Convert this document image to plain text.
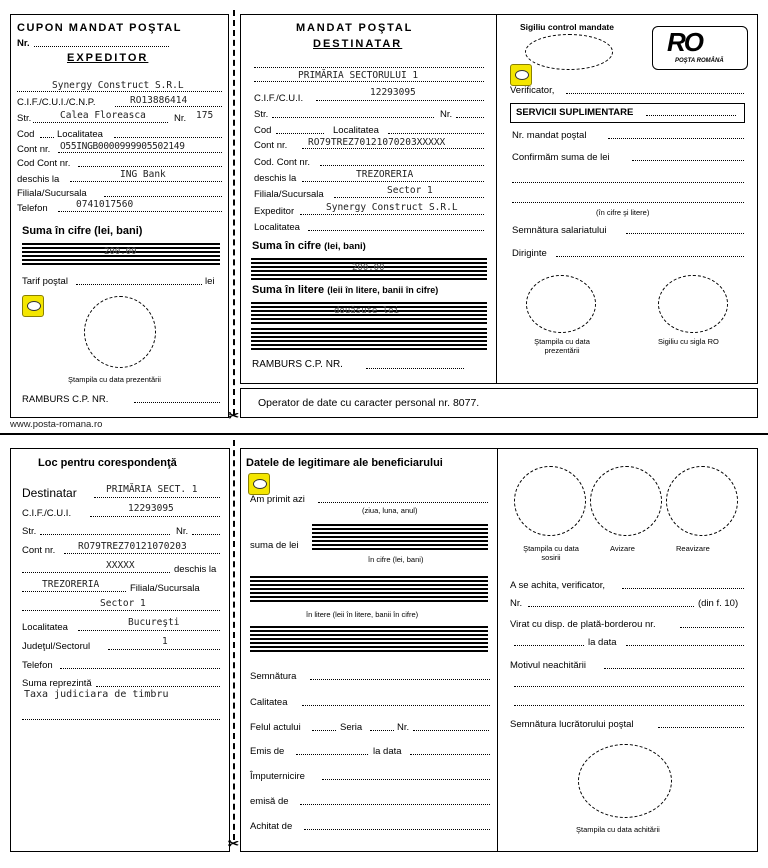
✂
CUPON MANDAT POŞTAL
Nr.
EXPEDITOR
Synergy Construct S.R.L
C.I.F./C.U.I./C.N.P.	RO13886414
Str.	Calea Floreasca	Nr. 175
Cod Localitatea
Cont nr. O55INGB0000999905502149
Cod Cont nr.
deschis la	ING Bank
Filiala/Sucursala
Telefon	0741017560
Suma în cifre (lei, bani)
200.00
Tarif poştal	lei
Ştampila cu data prezentării
RAMBURS C.P. NR.
www.posta-romana.ro
MANDAT POŞTAL
DESTINATAR
PRIMĂRIA SECTORULUI 1
C.I.F./C.U.I.
12293095
Str.	Nr.
Cod	Localitatea
Cont nr. RO79TREZ70121070203XXXXX
Cod. Cont nr.
deschis la	TREZORERIA
Filiala/Sucursala	Sector 1
Expeditor	Synergy Construct S.R.L
Localitatea
Suma în cifre (lei, bani)
200.00
Suma în litere (leii în litere, banii în cifre)
douăsute lei
RAMBURS C.P. NR.
Sigiliu control mandate RO
POŞTA ROMÂNĂ
Verificator,
SERVICII SUPLIMENTARE
Nr. mandat poştal
Confirmăm suma de lei
(în cifre şi litere)
Semnătura salariatului
Diriginte
Ştampila cu data prezentării
Sigiliu cu sigla RO
Operator de date cu caracter personal nr. 8077.
✂
Loc pentru corespondenţă
Destinatar	PRIMĂRIA SECT. 1
C.I.F./C.U.I.	12293095
Str.	Nr.
Cont nr. RO79TREZ70121070203
XXXXX	deschis la
TREZORERIA	Filiala/Sucursala
Sector 1
Localitatea	Bucureşti
Judeţul/Sectorul	1
Telefon
Suma reprezintă
Taxa judiciara de timbru
Datele de legitimare ale beneficiarului
Am primit azi
(ziua, luna, anul)
suma de lei
în cifre (lei, bani)
în litere (leii în litere, banii în cifre)
Semnătura
Calitatea
Felul actului	Seria	Nr.
Emis de	la data
Împuternicire
emisă de
Achitat de
Ştampila cu data sosirii
Avizare	Reavizare
A se achita, verificator,
Nr.	(din f. 10)
Virat cu disp. de plată-borderou nr.
la data
Motivul neachitării
Semnătura lucrătorului poştal
Ştampila cu data achitării
